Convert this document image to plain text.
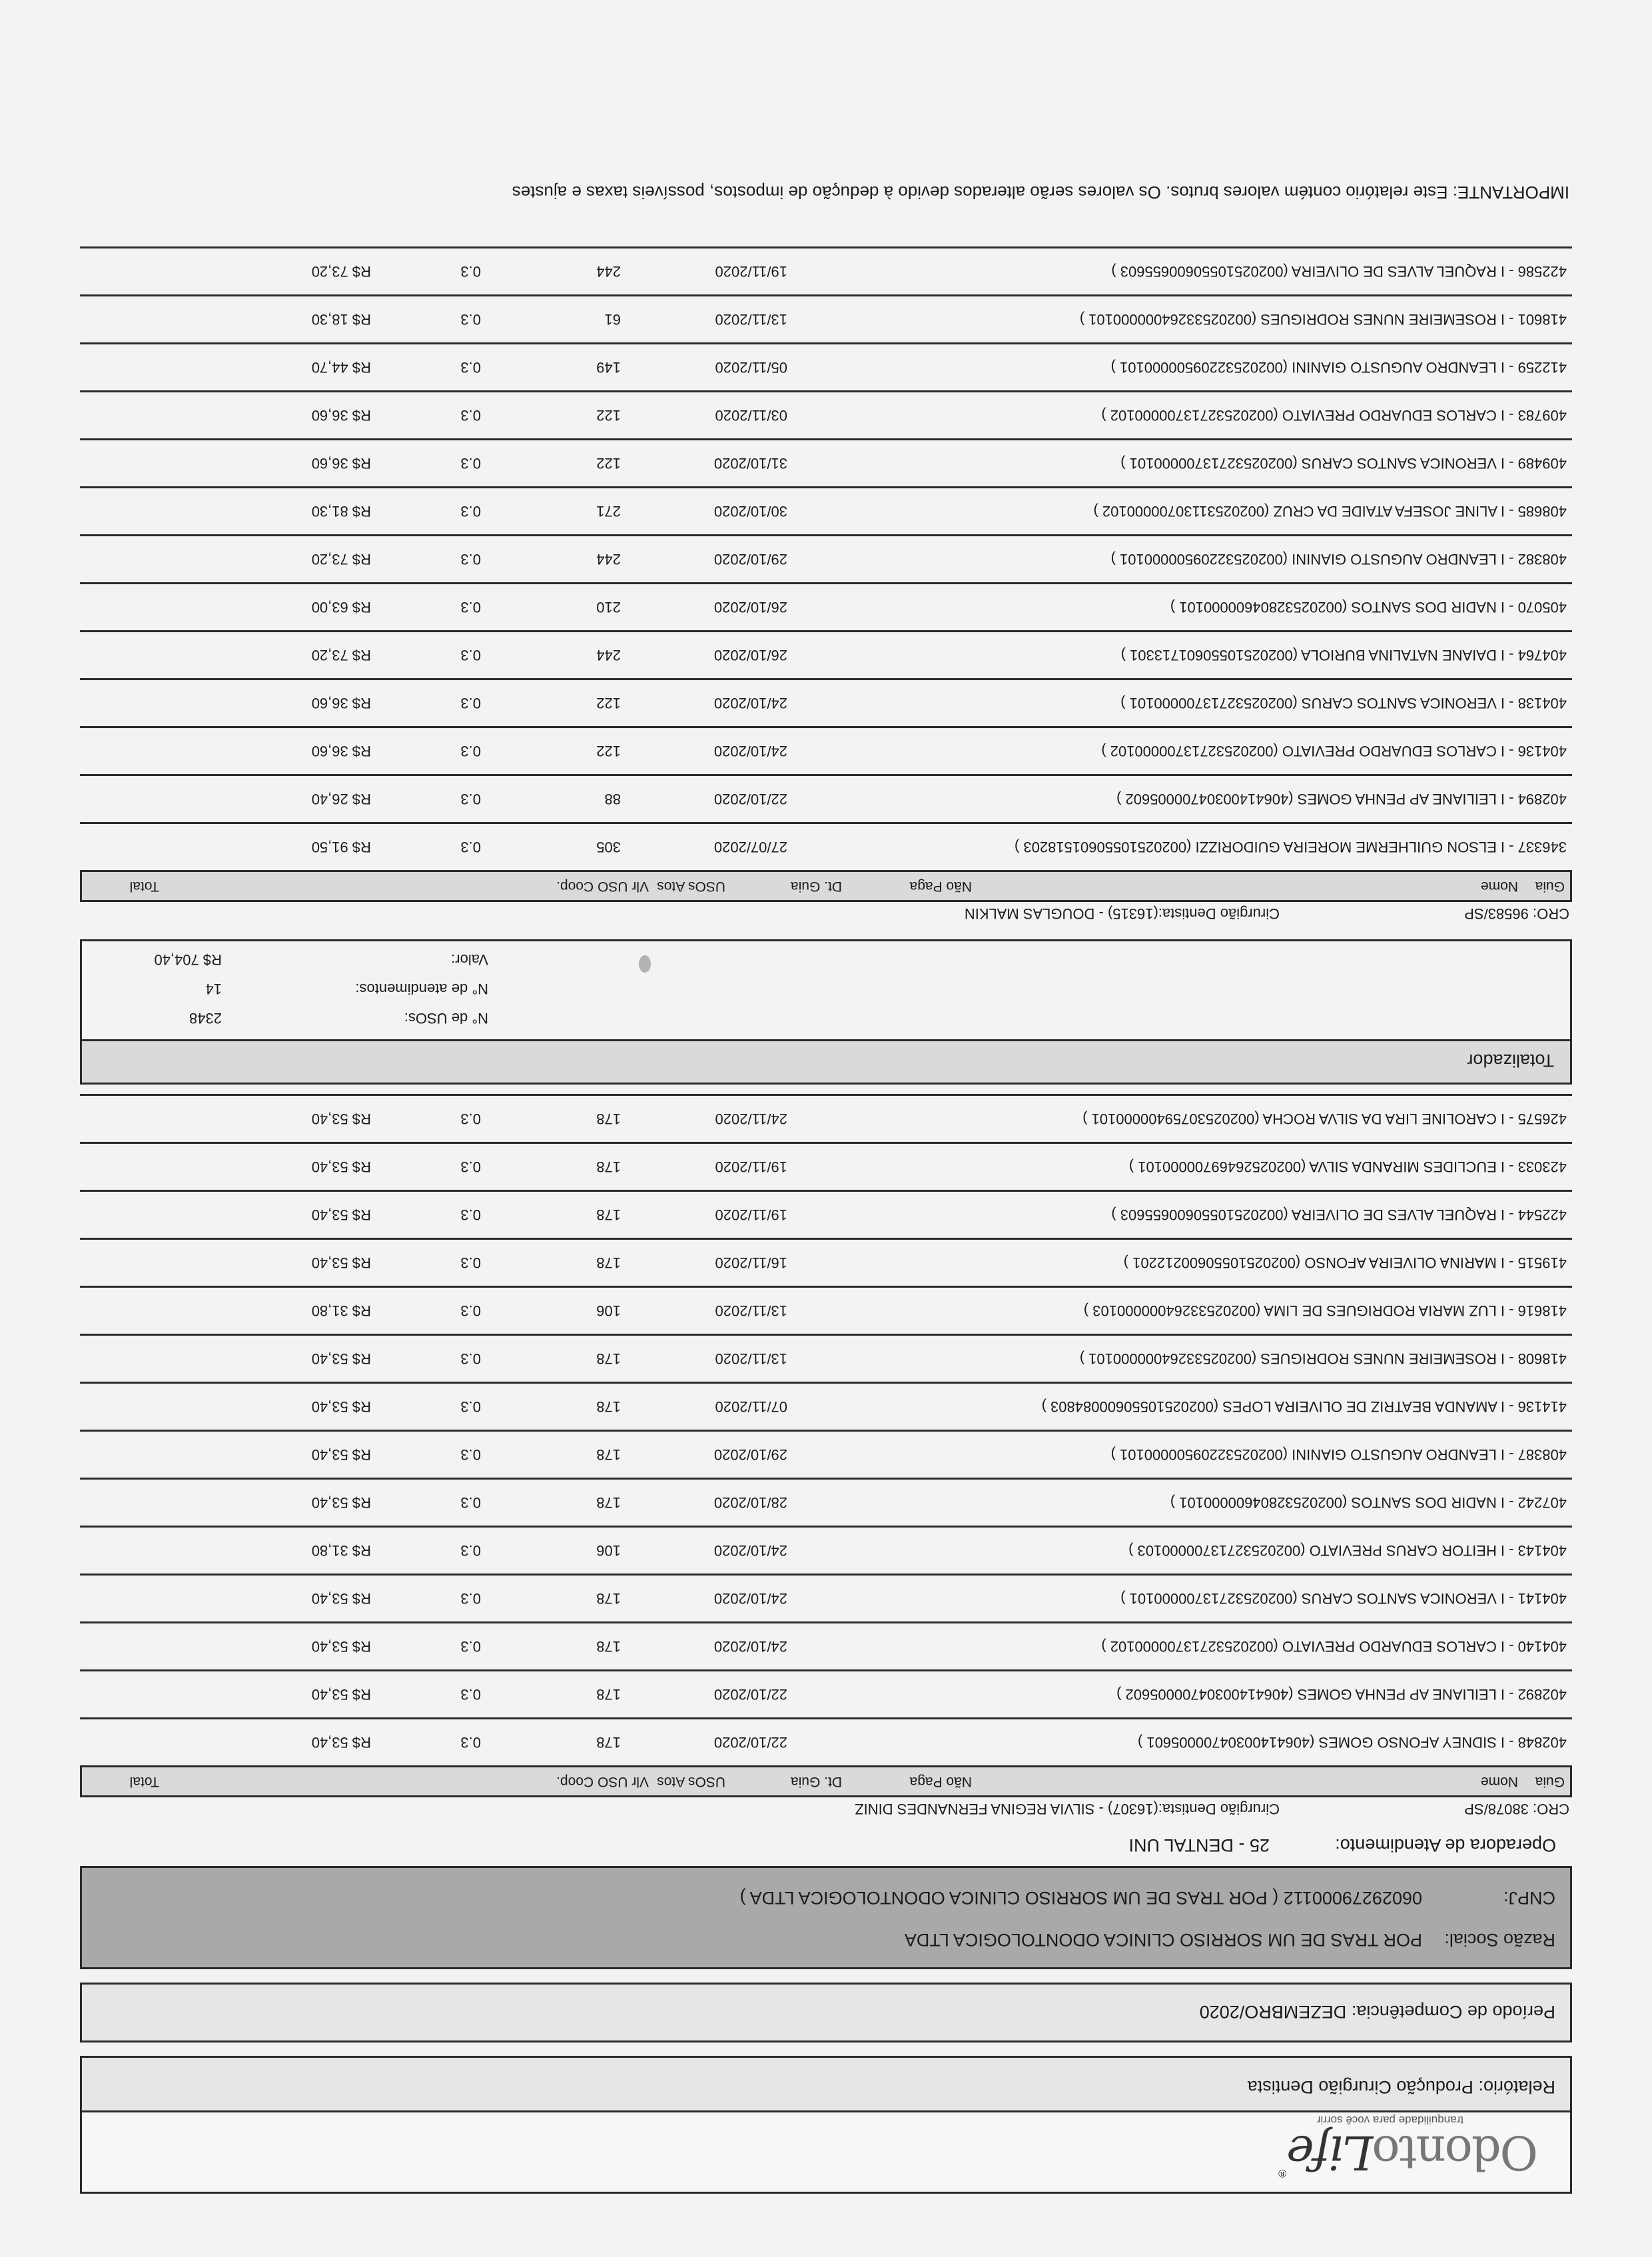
OdontoLife®
tranquilidade para você sorrir
Relatório: Produção Cirurgião Dentista
Período de Competência: DEZEMBRO/2020
Razão Social:
POR TRAS DE UM SORRISO CLINICA ODONTOLOGICA LTDA
CNPJ:
06029279000112 ( POR TRAS DE UM SORRISO CLINICA ODONTOLOGICA LTDA )
Operadora de Atendimento:
25 - DENTAL UNI
CRO: 38078/SP
Cirurgião Dentista:(16307) - SILVIA REGINA FERNANDES DINIZ
Guia
Nome
Não Paga
Dt. Guia
USOs Atos
Vlr USO Coop.
Total
402848 - I SIDNEY AFONSO GOMES (40641400304700005601 )
22/10/2020
178
0.3
R$ 53,40
402892 - I LEILIANE AP PENHA GOMES (40641400304700005602 )
22/10/2020
178
0.3
R$ 53,40
404140 - I CARLOS EDUARDO PREVIATO (00202532713700000102 )
24/10/2020
178
0.3
R$ 53,40
404141 - I VERONICA SANTOS CARUS (00202532713700000101 )
24/10/2020
178
0.3
R$ 53,40
404143 - I HEITOR CARUS PREVIATO (00202532713700000103 )
24/10/2020
106
0.3
R$ 31,80
407242 - I NADIR DOS SANTOS (00202532804600000101 )
28/10/2020
178
0.3
R$ 53,40
408387 - I LEANDRO AUGUSTO GIANINI (00202532209500000101 )
29/10/2020
178
0.3
R$ 53,40
414136 - I AMANDA BEATRIZ DE OLIVEIRA LOPES (00202510550600084803 )
07/11/2020
178
0.3
R$ 53,40
418608 - I ROSEMEIRE NUNES RODRIGUES (00202533264000000101 )
13/11/2020
178
0.3
R$ 53,40
418616 - I LUZ MARIA RODRIGUES DE LIMA (00202533264000000103 )
13/11/2020
106
0.3
R$ 31,80
419515 - I MARINA OLIVEIRA AFONSO (00202510550600212201 )
16/11/2020
178
0.3
R$ 53,40
422544 - I RAQUEL ALVES DE OLIVEIRA (00202510550600655603 )
19/11/2020
178
0.3
R$ 53,40
423033 - I EUCLIDES MIRANDA SILVA (00202526469700000101 )
19/11/2020
178
0.3
R$ 53,40
426575 - I CAROLINE LIRA DA SILVA ROCHA (00202530759400000101 )
24/11/2020
178
0.3
R$ 53,40
Totalizador
N° de USOs:
2348
N° de atendimentos:
14
Valor:
R$ 704,40
CRO: 96583/SP
Cirurgião Dentista:(16315) - DOUGLAS MALKIN
Guia
Nome
Não Paga
Dt. Guia
USOs Atos
Vlr USO Coop.
Total
346337 - I ELSON GUILHERME MOREIRA GUIDORIZZI (00202510550601518203 )
27/07/2020
305
0.3
R$ 91,50
402894 - I LEILIANE AP PENHA GOMES (40641400304700005602 )
22/10/2020
88
0.3
R$ 26,40
404136 - I CARLOS EDUARDO PREVIATO (00202532713700000102 )
24/10/2020
122
0.3
R$ 36,60
404138 - I VERONICA SANTOS CARUS (00202532713700000101 )
24/10/2020
122
0.3
R$ 36,60
404764 - I DAIANE NATALINA BURIOLA (00202510550601713301 )
26/10/2020
244
0.3
R$ 73,20
405070 - I NADIR DOS SANTOS (00202532804600000101 )
26/10/2020
210
0.3
R$ 63,00
408382 - I LEANDRO AUGUSTO GIANINI (00202532209500000101 )
29/10/2020
244
0.3
R$ 73,20
408685 - I ALINE JOSEFA ATAIDE DA CRUZ (00202531130700000102 )
30/10/2020
271
0.3
R$ 81,30
409489 - I VERONICA SANTOS CARUS (00202532713700000101 )
31/10/2020
122
0.3
R$ 36,60
409783 - I CARLOS EDUARDO PREVIATO (00202532713700000102 )
03/11/2020
122
0.3
R$ 36,60
412259 - I LEANDRO AUGUSTO GIANINI (00202532209500000101 )
05/11/2020
149
0.3
R$ 44,70
418601 - I ROSEMEIRE NUNES RODRIGUES (00202533264000000101 )
13/11/2020
61
0.3
R$ 18,30
422586 - I RAQUEL ALVES DE OLIVEIRA (00202510550600655603 )
19/11/2020
244
0.3
R$ 73,20
IMPORTANTE: Este relatório contém valores brutos. Os valores serão alterados devido à dedução de impostos, possíveis taxas e ajustes
